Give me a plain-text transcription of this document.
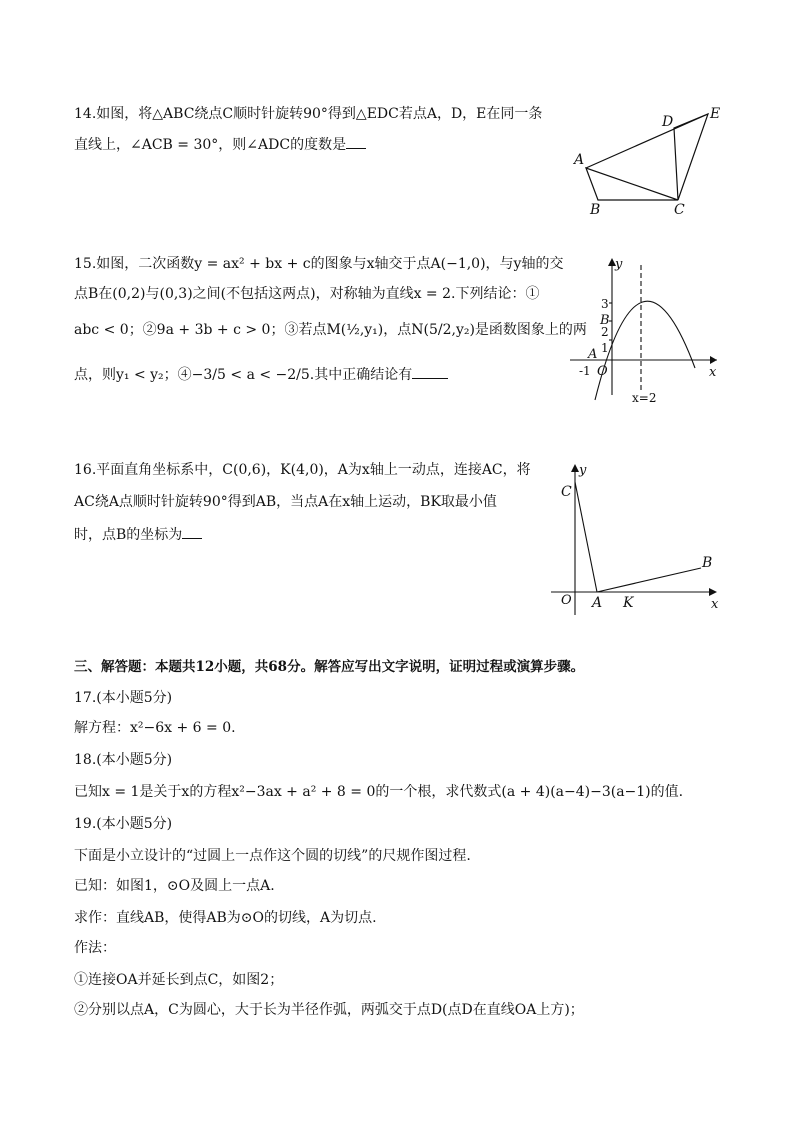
14.如图，将△ABC绕点C顺时针旋转90°得到△EDC若点A，D，E在同一条
直线上，∠ACB = 30°，则∠ADC的度数是
A
B	C
D	E
15.如图，二次函数y = ax² + bx + c的图象与x轴交于点A(−1,0)，与y轴的交
点B在(0,2)与(0,3)之间(不包括这两点)，对称轴为直线x = 2.下列结论：①
abc < 0；②9a + 3b + c > 0；③若点M(½,y₁)，点N(5/2,y₂)是函数图象上的两
点，则y₁ < y₂；④−3/5 < a < −2/5.其中正确结论有
y
x
3
2
1
B
A
O
-1
x=2
16.平面直角坐标系中，C(0,6)，K(4,0)，A为x轴上一动点，连接AC，将
AC绕A点顺时针旋转90°得到AB，当点A在x轴上运动，BK取最小值
时，点B的坐标为
y
x
C
B
O A K
三、解答题：本题共12小题，共68分。解答应写出文字说明，证明过程或演算步骤。
17.(本小题5分)
解方程：x²−6x + 6 = 0.
18.(本小题5分)
已知x = 1是关于x的方程x²−3ax + a² + 8 = 0的一个根，求代数式(a + 4)(a−4)−3(a−1)的值.
19.(本小题5分)
下面是小立设计的“过圆上一点作这个圆的切线”的尺规作图过程.
已知：如图1，⊙O及圆上一点A.
求作：直线AB，使得AB为⊙O的切线，A为切点.
作法：
①连接OA并延长到点C，如图2；
②分别以点A，C为圆心，大于长为半径作弧，两弧交于点D(点D在直线OA上方)；
